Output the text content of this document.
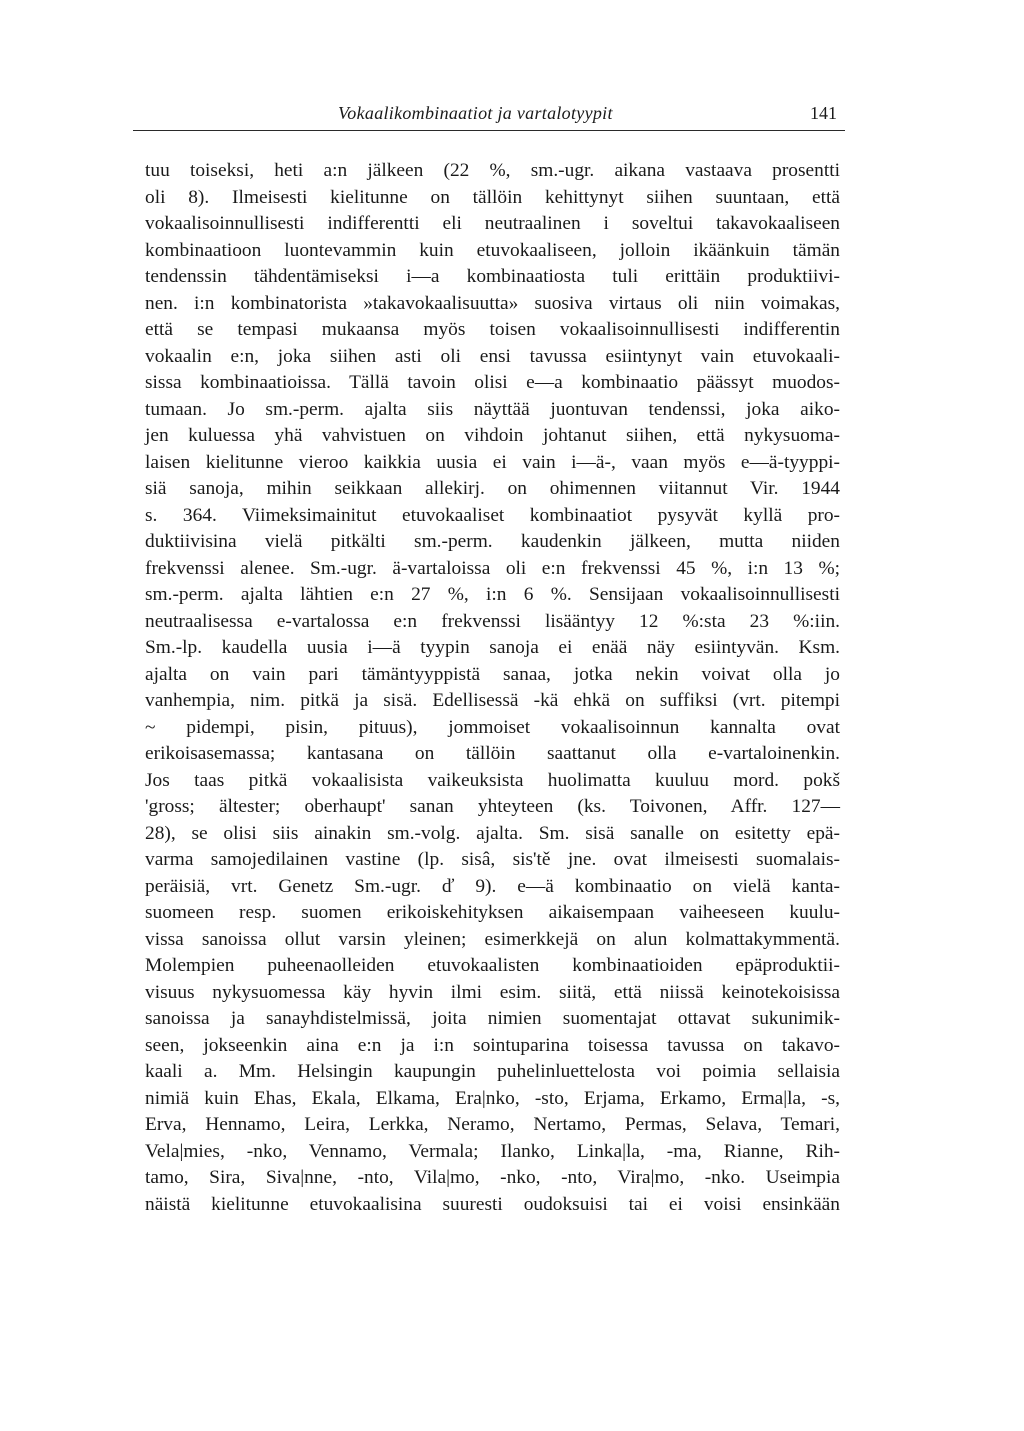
Vokaalikombinaatiot ja vartalotyypit	141
tuu toiseksi, heti a:n jälkeen (22 %, sm.-ugr. aikana vastaava prosentti
oli 8). Ilmeisesti kielitunne on tällöin kehittynyt siihen suuntaan, että
vokaalisoinnullisesti indifferentti eli neutraalinen i soveltui takavokaaliseen
kombinaatioon luontevammin kuin etuvokaaliseen, jolloin ikäänkuin tämän
tendenssin tähdentämiseksi i—a kombinaatiosta tuli erittäin produktiivi-
nen. i:n kombinatorista »takavokaalisuutta» suosiva virtaus oli niin voimakas,
että se tempasi mukaansa myös toisen vokaalisoinnullisesti indifferentin
vokaalin e:n, joka siihen asti oli ensi tavussa esiintynyt vain etuvokaali-
sissa kombinaatioissa. Tällä tavoin olisi e—a kombinaatio päässyt muodos-
tumaan. Jo sm.-perm. ajalta siis näyttää juontuvan tendenssi, joka aiko-
jen kuluessa yhä vahvistuen on vihdoin johtanut siihen, että nykysuoma-
laisen kielitunne vieroo kaikkia uusia ei vain i—ä-, vaan myös e—ä-tyyppi-
siä sanoja, mihin seikkaan allekirj. on ohimennen viitannut Vir. 1944
s. 364. Viimeksimainitut etuvokaaliset kombinaatiot pysyvät kyllä pro-
duktiivisina vielä pitkälti sm.-perm. kaudenkin jälkeen, mutta niiden
frekvenssi alenee. Sm.-ugr. ä-vartaloissa oli e:n frekvenssi 45 %, i:n 13 %;
sm.-perm. ajalta lähtien e:n 27 %, i:n 6 %. Sensijaan vokaalisoinnullisesti
neutraalisessa e-vartalossa e:n frekvenssi lisääntyy 12 %:sta 23 %:iin.
Sm.-lp. kaudella uusia i—ä tyypin sanoja ei enää näy esiintyvän. Ksm.
ajalta on vain pari tämäntyyppistä sanaa, jotka nekin voivat olla jo
vanhempia, nim. pitkä ja sisä. Edellisessä -kä ehkä on suffiksi (vrt. pitempi
~ pidempi, pisin, pituus), jommoiset vokaalisoinnun kannalta ovat
erikoisasemassa; kantasana on tällöin saattanut olla e-vartaloinenkin.
Jos taas pitkä vokaalisista vaikeuksista huolimatta kuuluu mord. pokš
'gross; ältester; oberhaupt' sanan yhteyteen (ks. Toivonen, Affr. 127—
28), se olisi siis ainakin sm.-volg. ajalta. Sm. sisä sanalle on esitetty epä-
varma samojedilainen vastine (lp. sisâ, sis'tě jne. ovat ilmeisesti suomalais-
peräisiä, vrt. Genetz Sm.-ugr. ď 9). e—ä kombinaatio on vielä kanta-
suomeen resp. suomen erikoiskehityksen aikaisempaan vaiheeseen kuulu-
vissa sanoissa ollut varsin yleinen; esimerkkejä on alun kolmattakymmentä.
Molempien puheenaolleiden etuvokaalisten kombinaatioiden epäproduktii-
visuus nykysuomessa käy hyvin ilmi esim. siitä, että niissä keinotekoisissa
sanoissa ja sanayhdistelmissä, joita nimien suomentajat ottavat sukunimik-
seen, jokseenkin aina e:n ja i:n sointuparina toisessa tavussa on takavo-
kaali a. Mm. Helsingin kaupungin puhelinluettelosta voi poimia sellaisia
nimiä kuin Ehas, Ekala, Elkama, Era|nko, -sto, Erjama, Erkamo, Erma|la, -s,
Erva, Hennamo, Leira, Lerkka, Neramo, Nertamo, Permas, Selava, Temari,
Vela|mies, -nko, Vennamo, Vermala; Ilanko, Linka|la, -ma, Rianne, Rih-
tamo, Sira, Siva|nne, -nto, Vila|mo, -nko, -nto, Vira|mo, -nko. Useimpia
näistä kielitunne etuvokaalisina suuresti oudoksuisi tai ei voisi ensinkään
